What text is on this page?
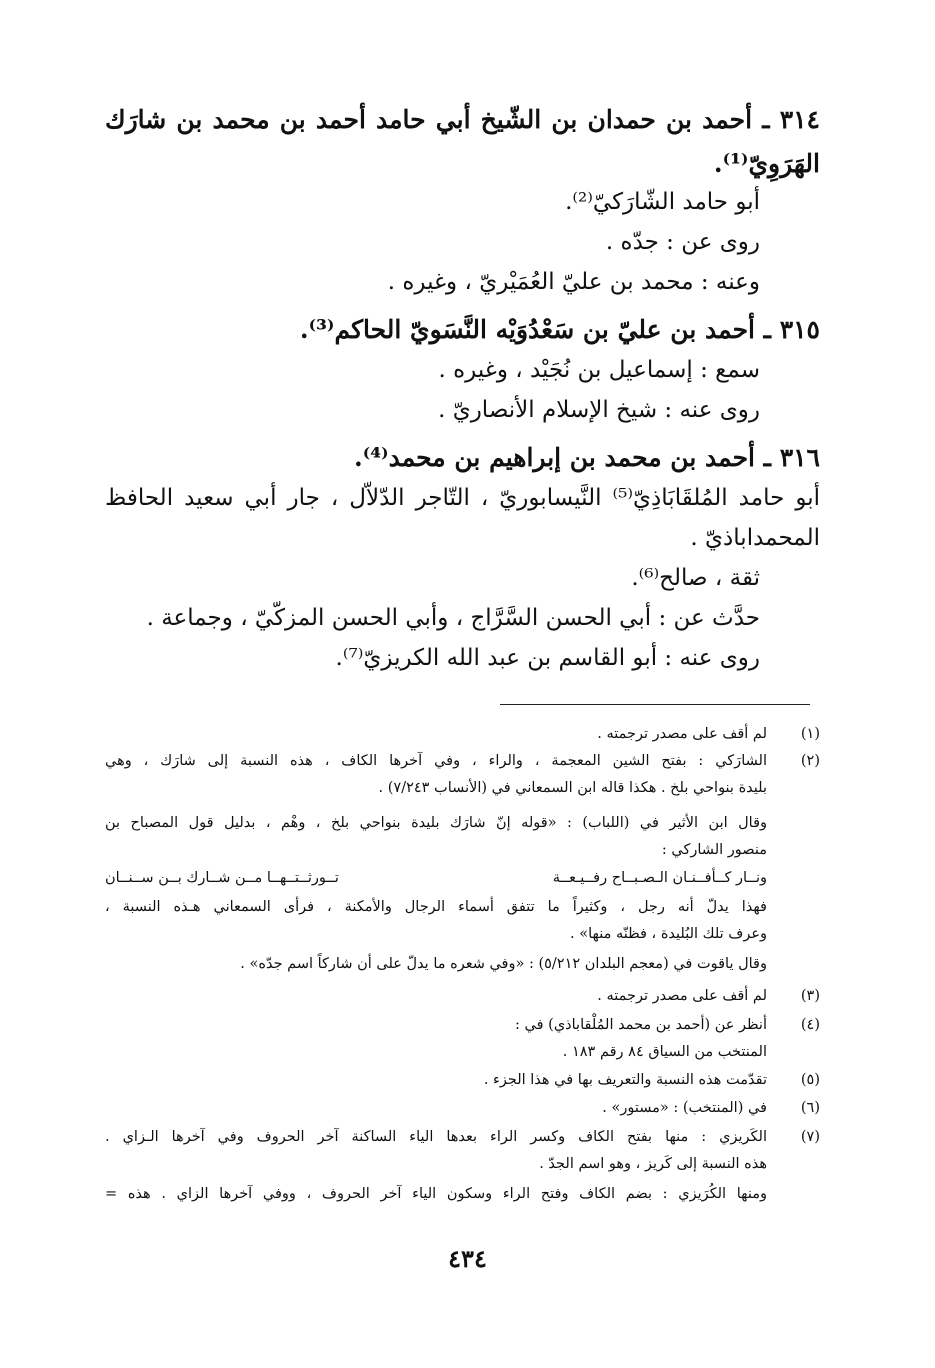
٣١٤ ـ أحمد بن حمدان بن الشّيخ أبي حامد أحمد بن محمد بن شارَك
الهَرَوِيّ⁽¹⁾.
أبو حامد الشّارَكيّ⁽²⁾.
روى عن : جدّه .
وعنه : محمد بن عليّ العُمَيْريّ ، وغيره .
٣١٥ ـ أحمد بن عليّ بن سَعْدُوَيْه النَّسَويّ الحاكم⁽³⁾.
سمع : إسماعيل بن نُجَيْد ، وغيره .
روى عنه : شيخ الإسلام الأنصاريّ .
٣١٦ ـ أحمد بن محمد بن إبراهيم بن محمد⁽⁴⁾.
أبو حامد المُلقَابَاذِيّ⁽⁵⁾ النَّيسابوريّ ، التّاجر الدّلاّل ، جار أبي سعيد الحافظ
المحمداباذيّ .
ثقة ، صالح⁽⁶⁾.
حدَّث عن : أبي الحسن السَّرَّاج ، وأبي الحسن المزكّيّ ، وجماعة .
روى عنه : أبو القاسم بن عبد الله الكريزيّ⁽⁷⁾.
(١)
لم أقف على مصدر ترجمته .
(٢)
الشارَكي : بفتح الشين المعجمة ، والراء ، وفي آخرها الكاف ، هذه النسبة إلى شارَك ، وهي
بليدة بنواحي بلخ . هكذا قاله ابن السمعاني في (الأنساب ٧/٢٤٣) .
وقال ابن الأثير في (اللباب) : «قوله إنّ شارَك بليدة بنواحي بلخ ، وهْم ، بدليل قول المصباح بن
منصور الشاركي :
ونــار كــأفــنـان الـصـبــاح رفــيـعــة
تــورثــتــهــا مــن شــارك بــن ســنــان
فهذا يدلّ أنه رجل ، وكثيراً ما تتفق أسماء الرجال والأمكنة ، فرأى السمعاني هـذه النسبة ،
وعرف تلك البُليدة ، فظنّه منها» .
وقال ياقوت في (معجم البلدان ٥/٢١٢) : «وفي شعره ما يدلّ على أن شاركاً اسم جدّه» .
(٣)
لم أقف على مصدر ترجمته .
(٤)
أنظر عن (أحمد بن محمد المُلْقاباذي) في :
المنتخب من السياق ٨٤ رقم ١٨٣ .
(٥)
تقدّمت هذه النسبة والتعريف بها في هذا الجزء .
(٦)
في (المنتخب) : «مستور» .
(٧)
الكَريزي : منها بفتح الكاف وكسر الراء بعدها الياء الساكنة آخر الحروف وفي آخرها الـزاي .
هذه النسبة إلى كَريز ، وهو اسم الجدّ .
ومنها الكُرَيزي : بضم الكاف وفتح الراء وسكون الياء آخر الحروف ، ووفي آخرها الزاي . هذه =
٤٣٤
